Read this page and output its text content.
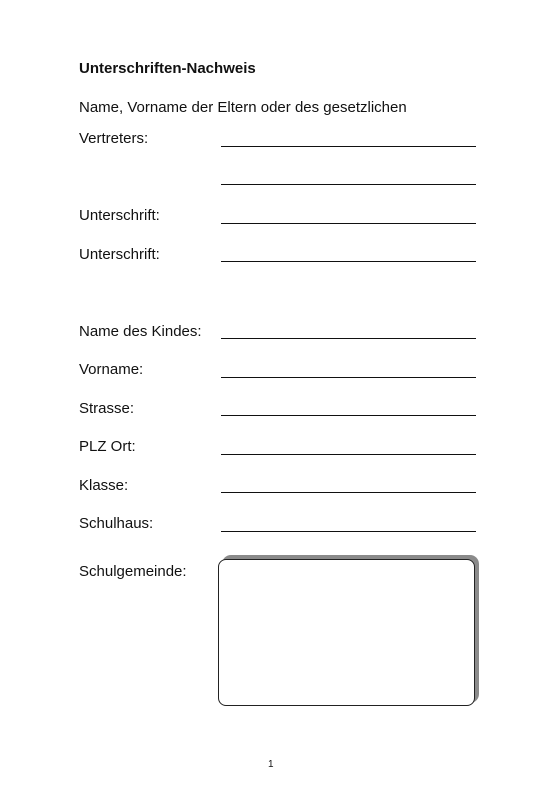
Unterschriften-Nachweis
Name, Vorname der Eltern oder des gesetzlichen
Vertreters:
Unterschrift:
Unterschrift:
Name des Kindes:
Vorname:
Strasse:
PLZ Ort:
Klasse:
Schulhaus:
Schulgemeinde:
1
